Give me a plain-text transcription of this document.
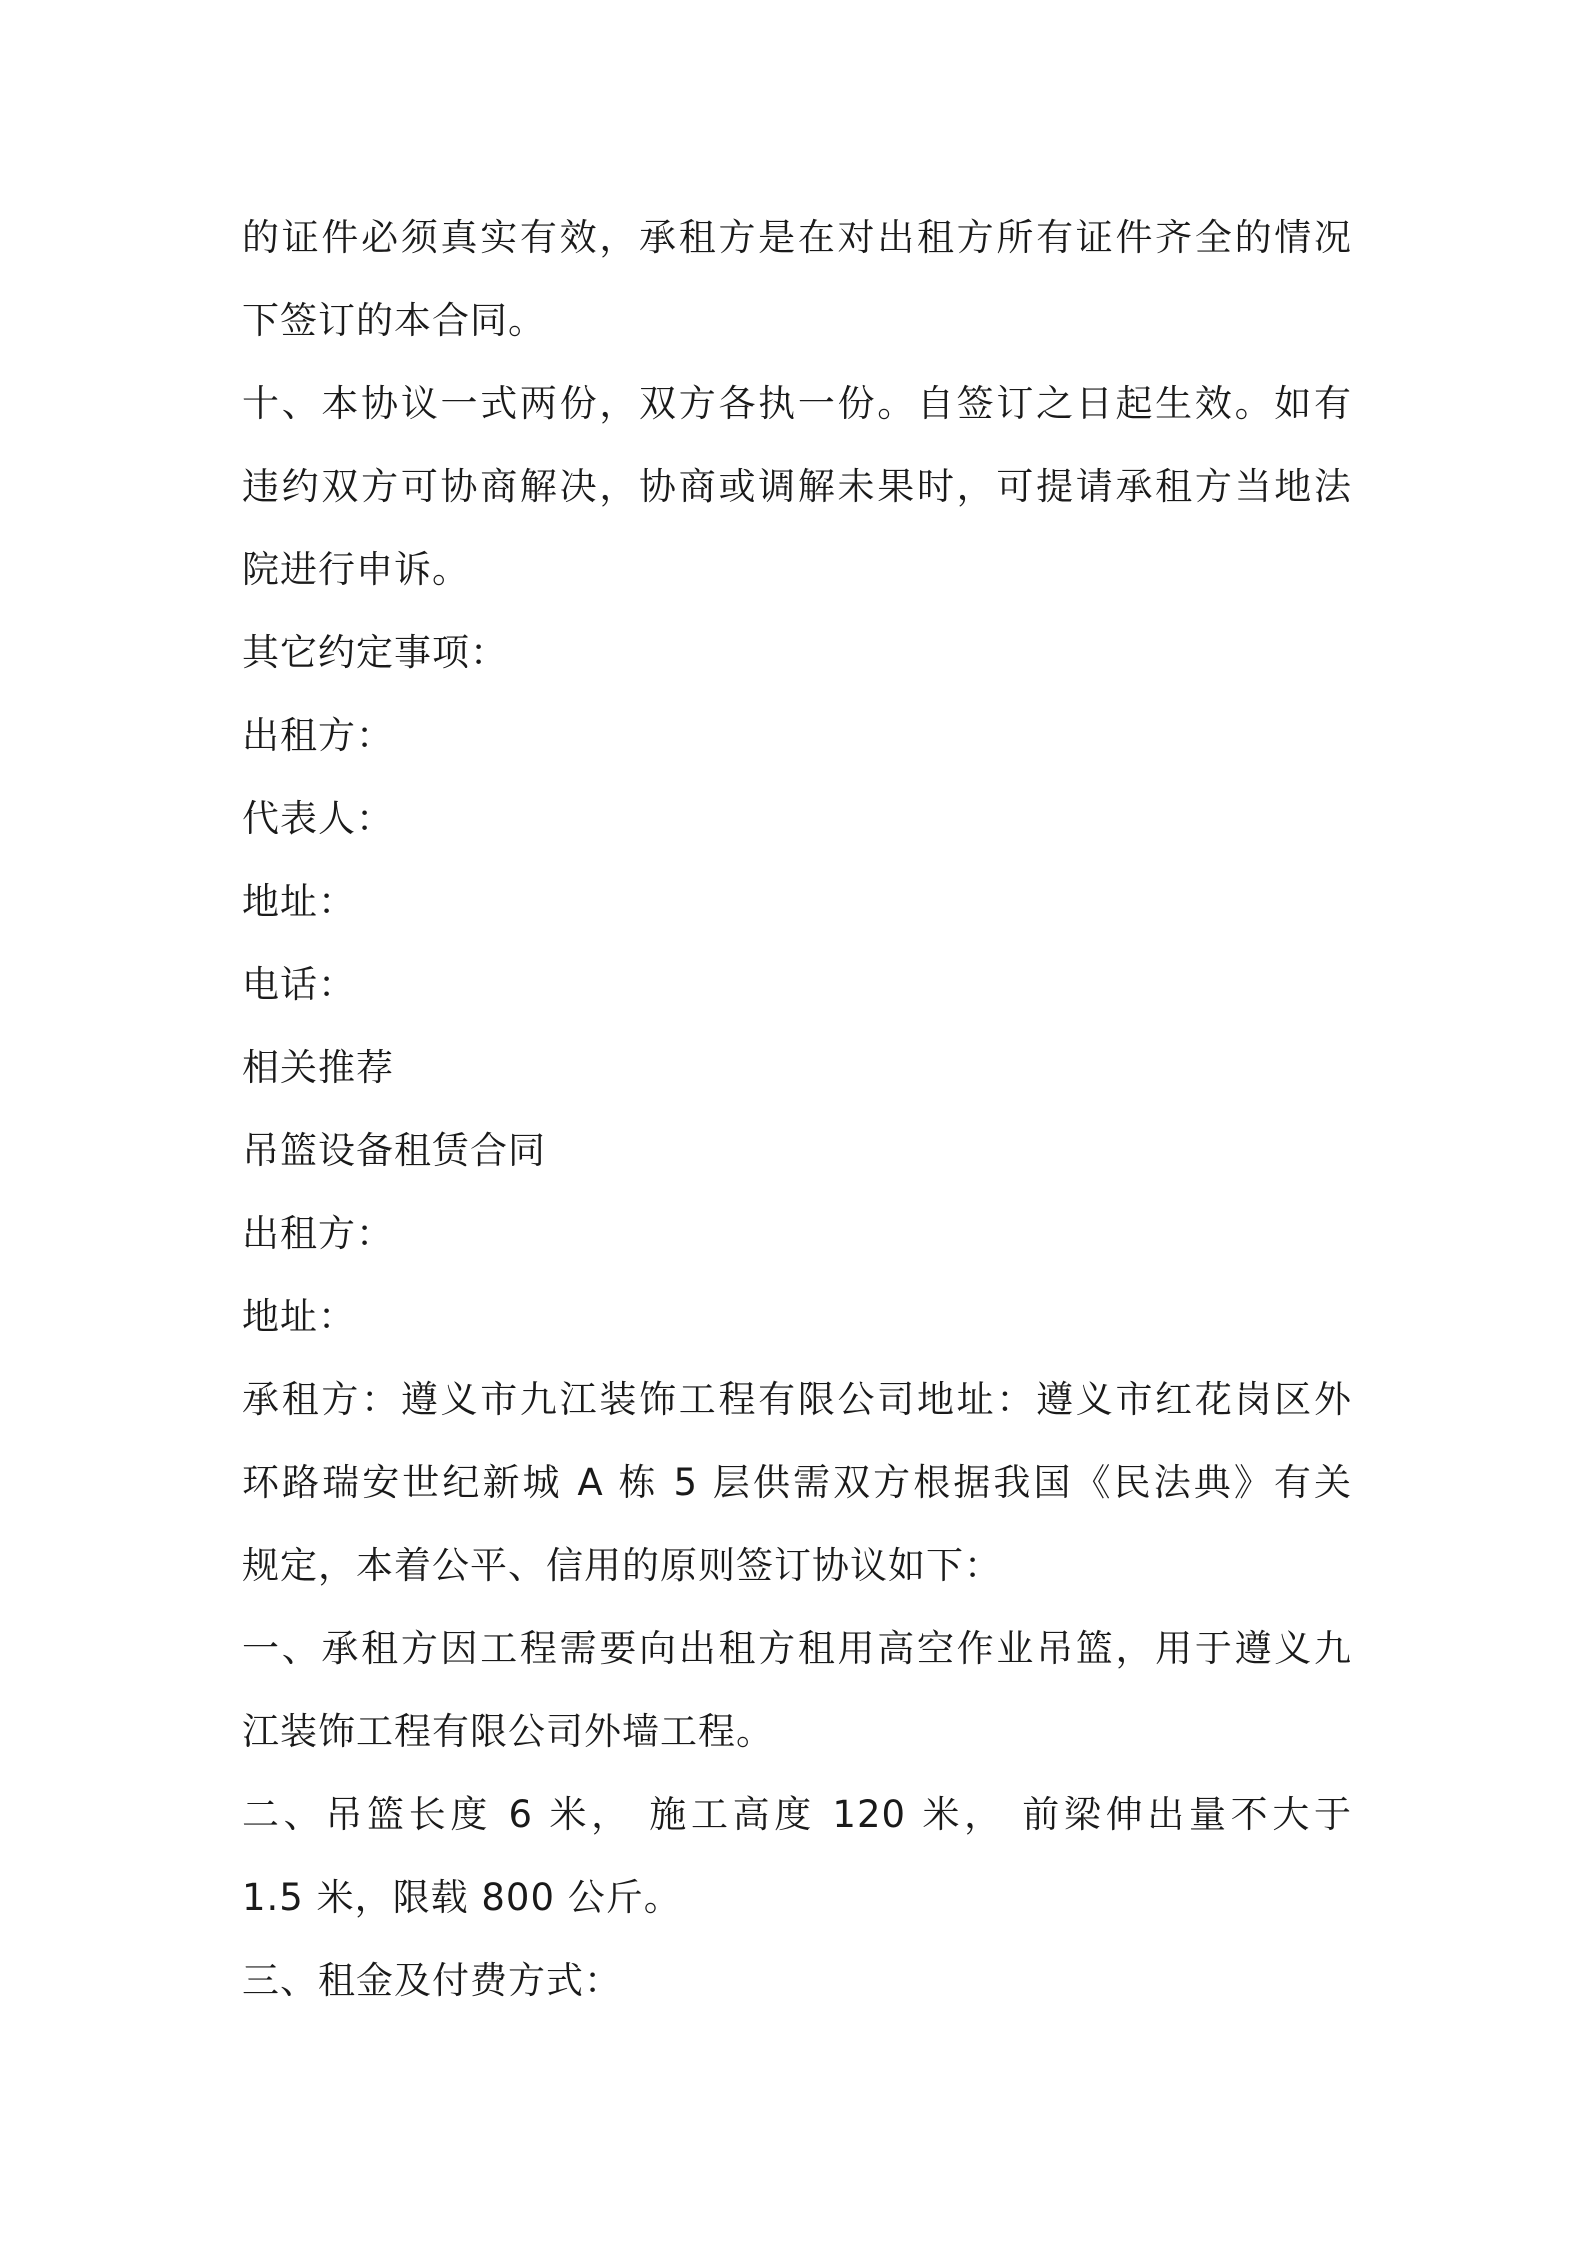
的证件必须真实有效，承租方是在对出租方所有证件齐全的情况
下签订的本合同。
十、本协议一式两份，双方各执一份。自签订之日起生效。如有
违约双方可协商解决，协商或调解未果时，可提请承租方当地法
院进行申诉。
其它约定事项：
出租方：
代表人：
地址：
电话：
相关推荐
吊篮设备租赁合同
出租方：
地址：
承租方：遵义市九江装饰工程有限公司地址：遵义市红花岗区外
环路瑞安世纪新城 A 栋 5 层供需双方根据我国《民法典》有关
规定，本着公平、信用的原则签订协议如下：
一、承租方因工程需要向出租方租用高空作业吊篮，用于遵义九
江装饰工程有限公司外墙工程。
二、吊篮长度 6 米， 施工高度 120 米， 前梁伸出量不大于
1.5 米，限载 800 公斤。
三、租金及付费方式：
